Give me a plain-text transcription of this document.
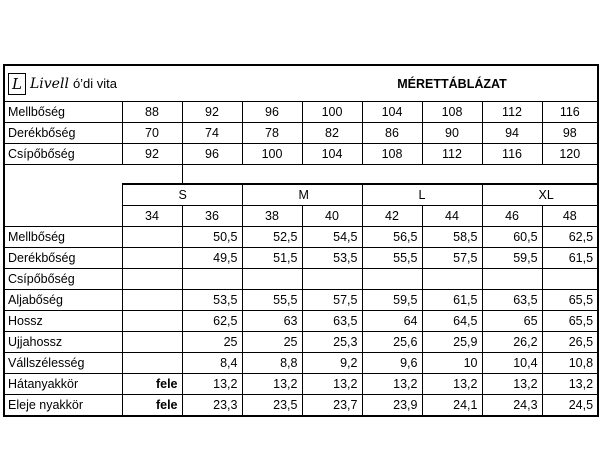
L Livell ó’di vita					MÉRETTÁBLÁZAT			
Mellbőség	88	92	96	100	104	108	112	116
Derékbőség	70	74	78	82	86	90	94	98
Csípőbőség	92	96	100	104	108	112	116	120

	S		M		L		XL	
	34	36	38	40	42	44	46	48
Mellbőség		50,5	52,5	54,5	56,5	58,5	60,5	62,5
Derékbőség		49,5	51,5	53,5	55,5	57,5	59,5	61,5
Csípőbőség								
Aljabőség		53,5	55,5	57,5	59,5	61,5	63,5	65,5
Hossz		62,5	63	63,5	64	64,5	65	65,5
Ujjahossz		25	25	25,3	25,6	25,9	26,2	26,5
Vállszélesség		8,4	8,8	9,2	9,6	10	10,4	10,8
Hátanyakkör	fele	13,2	13,2	13,2	13,2	13,2	13,2	13,2
Eleje nyakkör	fele	23,3	23,5	23,7	23,9	24,1	24,3	24,5
